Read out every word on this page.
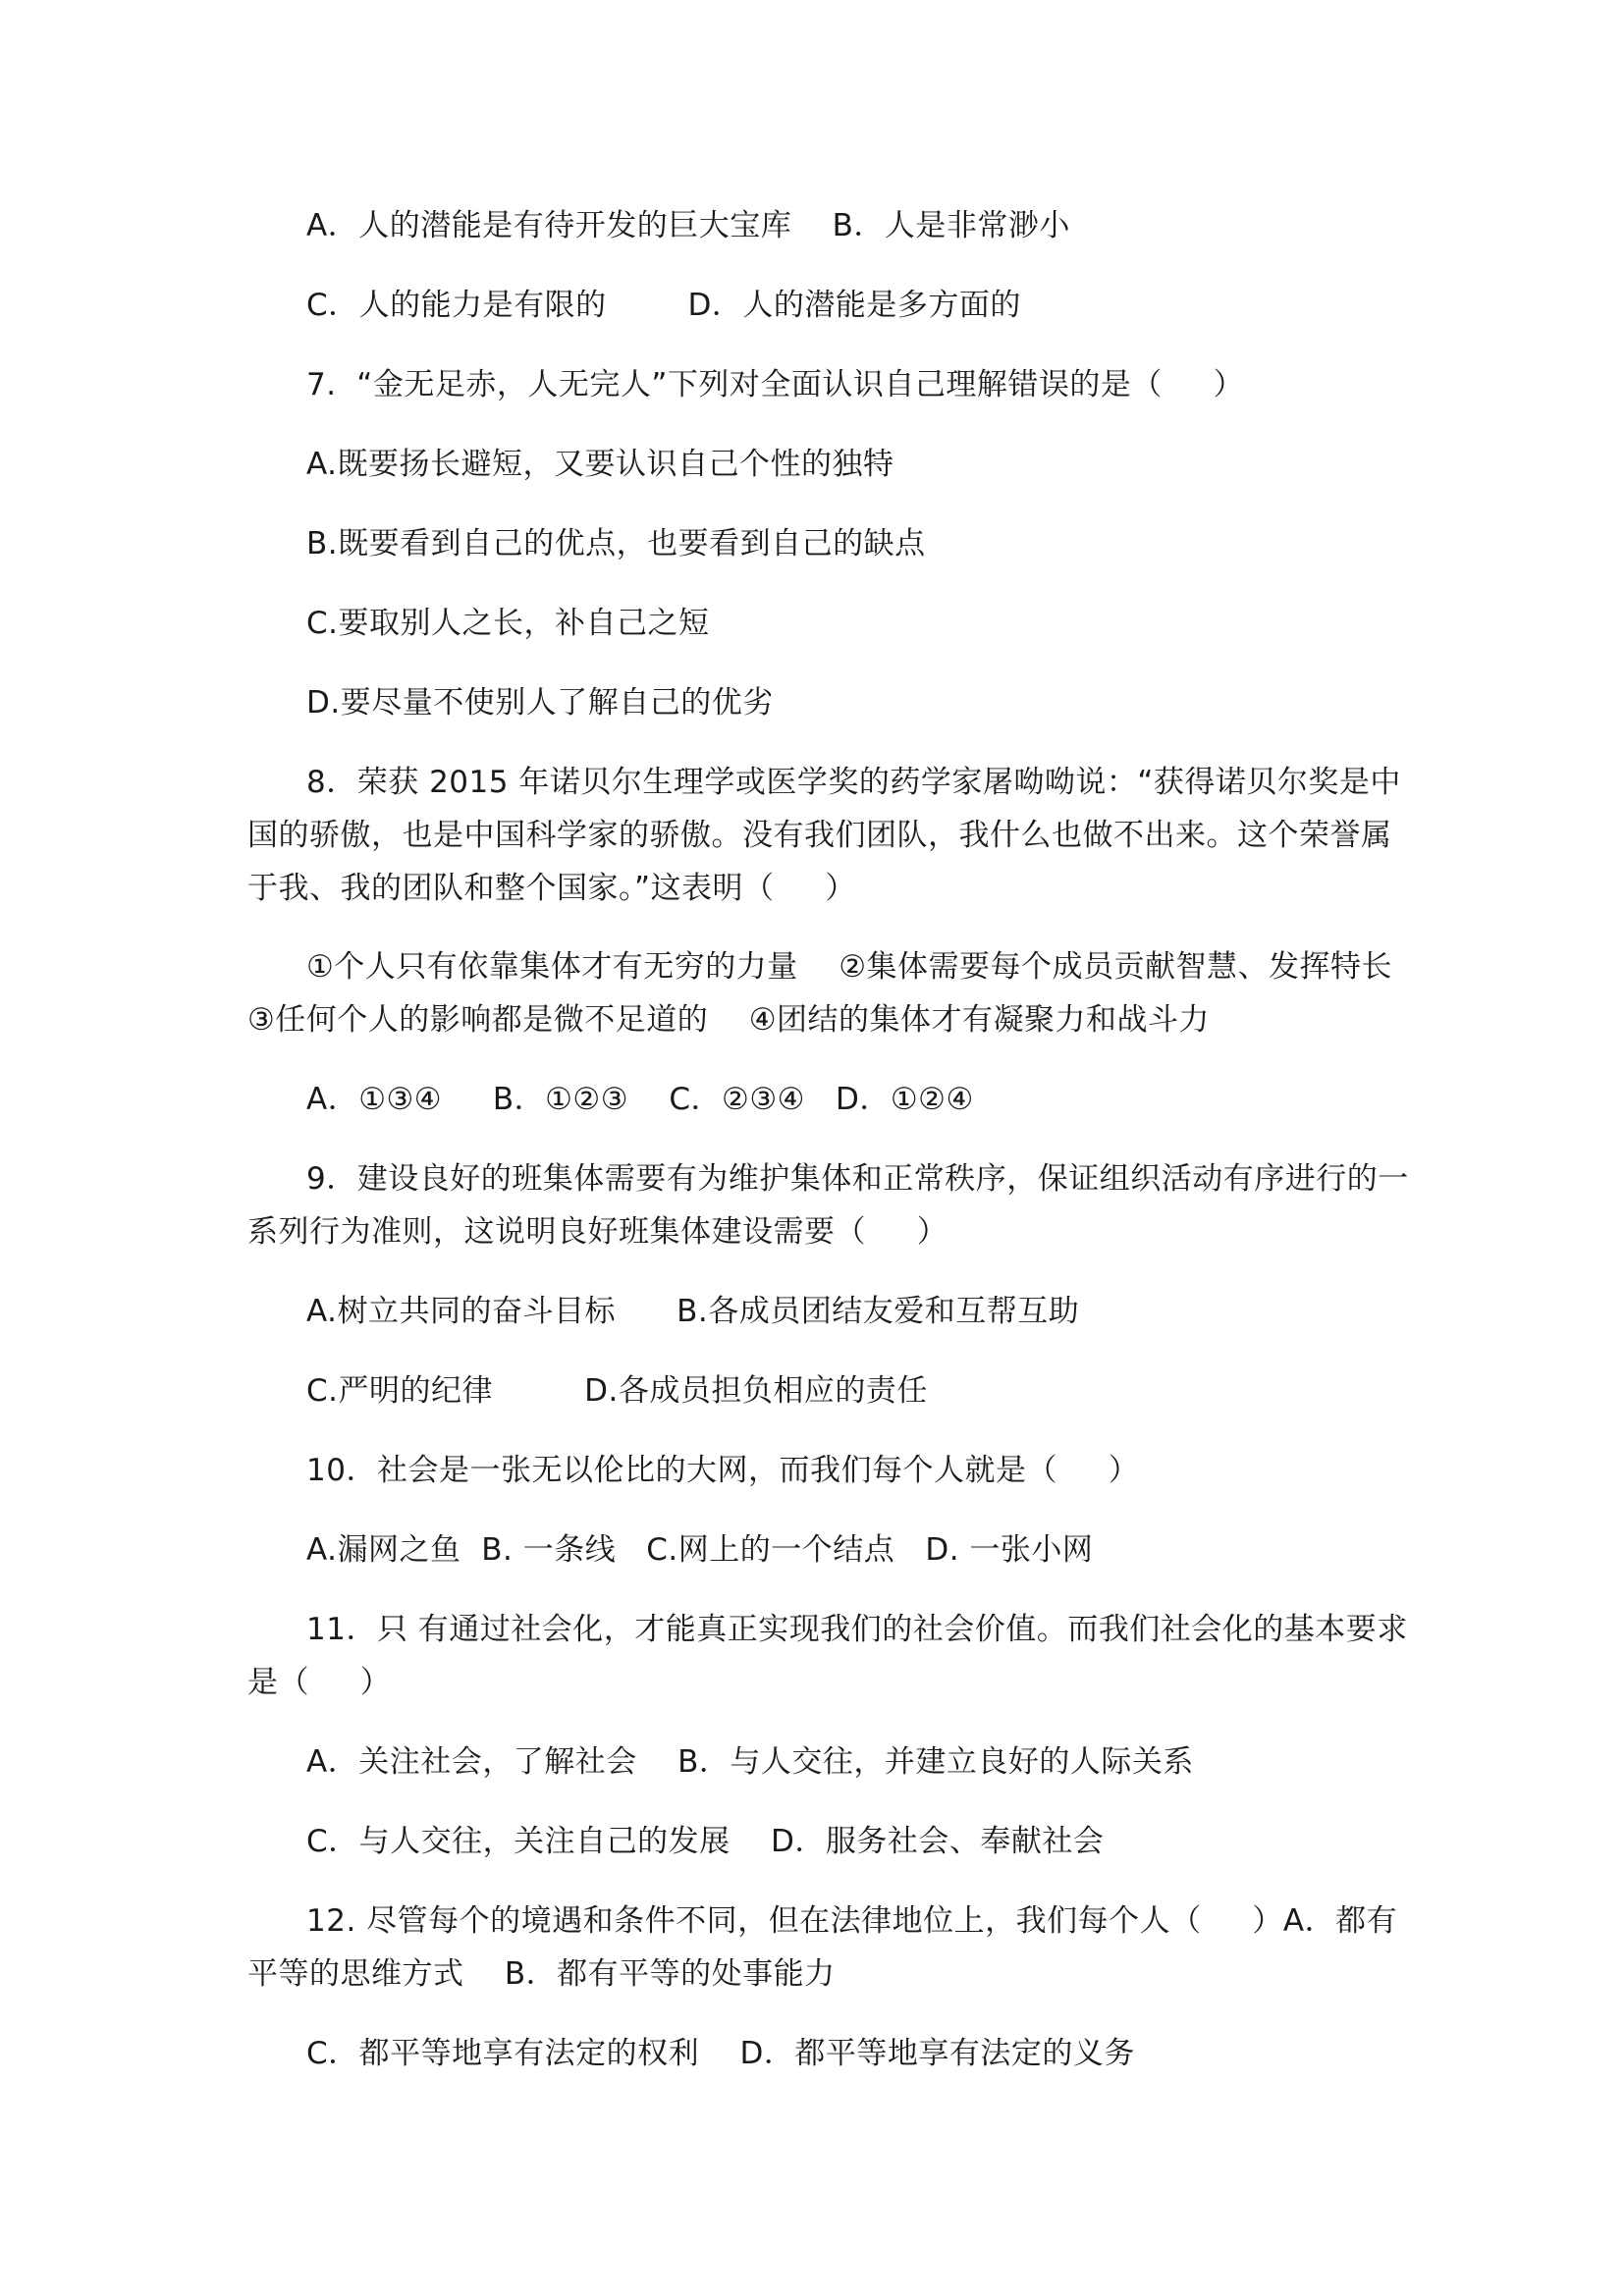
A．人的潜能是有待开发的巨大宝库    B．人是非常渺小
C．人的能力是有限的        D．人的潜能是多方面的
7.  “金无足赤，人无完人”下列对全面认识自己理解错误的是（     ）
A.既要扬长避短，又要认识自己个性的独特
B.既要看到自己的优点，也要看到自己的缺点
C.要取别人之长，补自己之短
D.要尽量不使别人了解自己的优劣
8．荣获 2015 年诺贝尔生理学或医学奖的药学家屠呦呦说：“获得诺贝尔奖是中
国的骄傲，也是中国科学家的骄傲。没有我们团队，我什么也做不出来。这个荣誉属
于我、我的团队和整个国家。”这表明（     ）
①个人只有依靠集体才有无穷的力量    ②集体需要每个成员贡献智慧、发挥特长
③任何个人的影响都是微不足道的    ④团结的集体才有凝聚力和战斗力
A．①③④     B．①②③    C．②③④   D．①②④
9．建设良好的班集体需要有为维护集体和正常秩序，保证组织活动有序进行的一
系列行为准则，这说明良好班集体建设需要（     ）
A.树立共同的奋斗目标      B.各成员团结友爱和互帮互助
C.严明的纪律         D.各成员担负相应的责任
10．社会是一张无以伦比的大网，而我们每个人就是（     ）
A.漏网之鱼  B. 一条线   C.网上的一个结点   D. 一张小网
11．只 有通过社会化，才能真正实现我们的社会价值。而我们社会化的基本要求
是（     ）
A．关注社会，了解社会    B．与人交往，并建立良好的人际关系
C．与人交往，关注自己的发展    D．服务社会、奉献社会
12. 尽管每个的境遇和条件不同，但在法律地位上，我们每个人（     ）A．都有
平等的思维方式    B．都有平等的处事能力
C．都平等地享有法定的权利    D．都平等地享有法定的义务
